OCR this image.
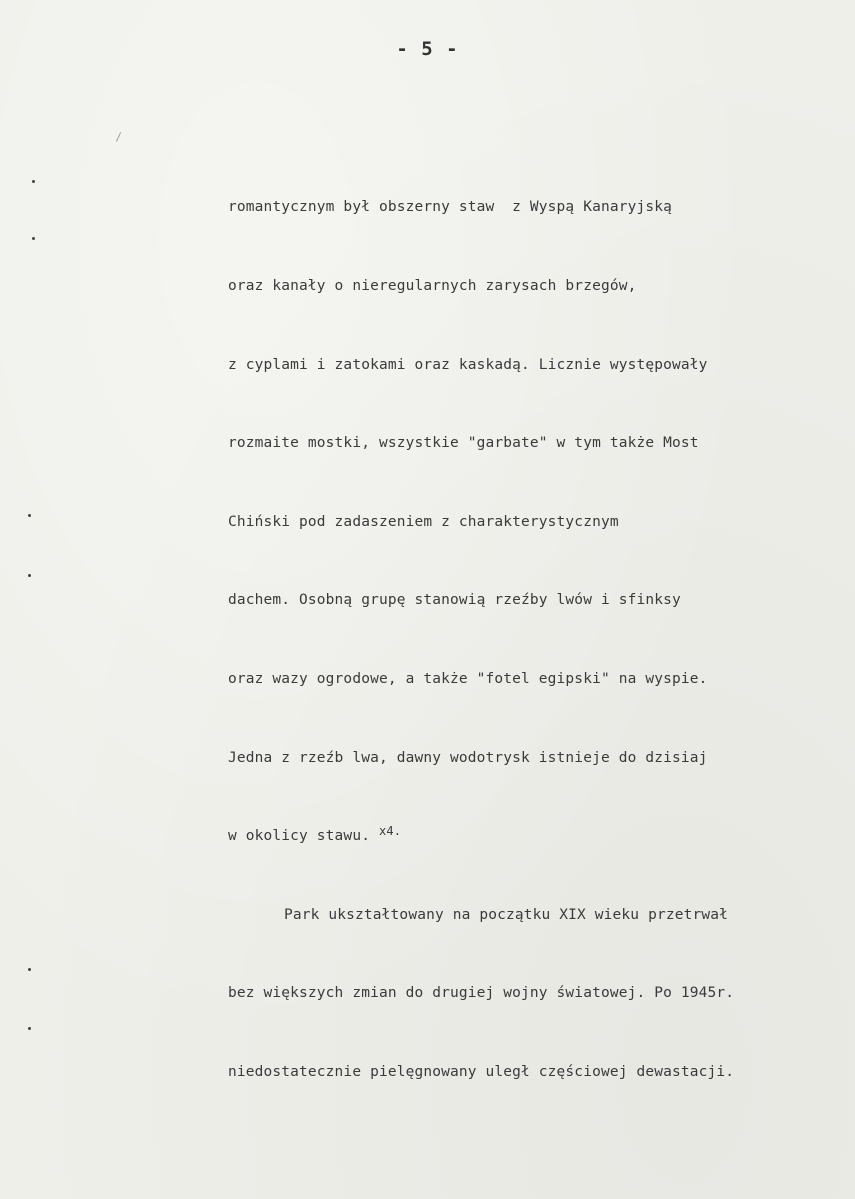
- 5 -

romantycznym był obszerny staw  z Wyspą Kanaryjską

oraz kanały o nieregularnych zarysach brzegów,

z cyplami i zatokami oraz kaskadą. Licznie występowały

rozmaite mostki, wszystkie "garbate" w tym także Most

Chiński pod zadaszeniem z charakterystycznym

dachem. Osobną grupę stanowią rzeźby lwów i sfinksy

oraz wazy ogrodowe, a także "fotel egipski" na wyspie.

Jedna z rzeźb lwa, dawny wodotrysk istnieje do dzisiaj

w okolicy stawu. $^{x4.}$

Park ukształtowany na początku XIX wieku przetrwał

bez większych zmian do drugiej wojny światowej. Po 1945r.

niedostatecznie pielęgnowany uległ częściowej dewastacji.
